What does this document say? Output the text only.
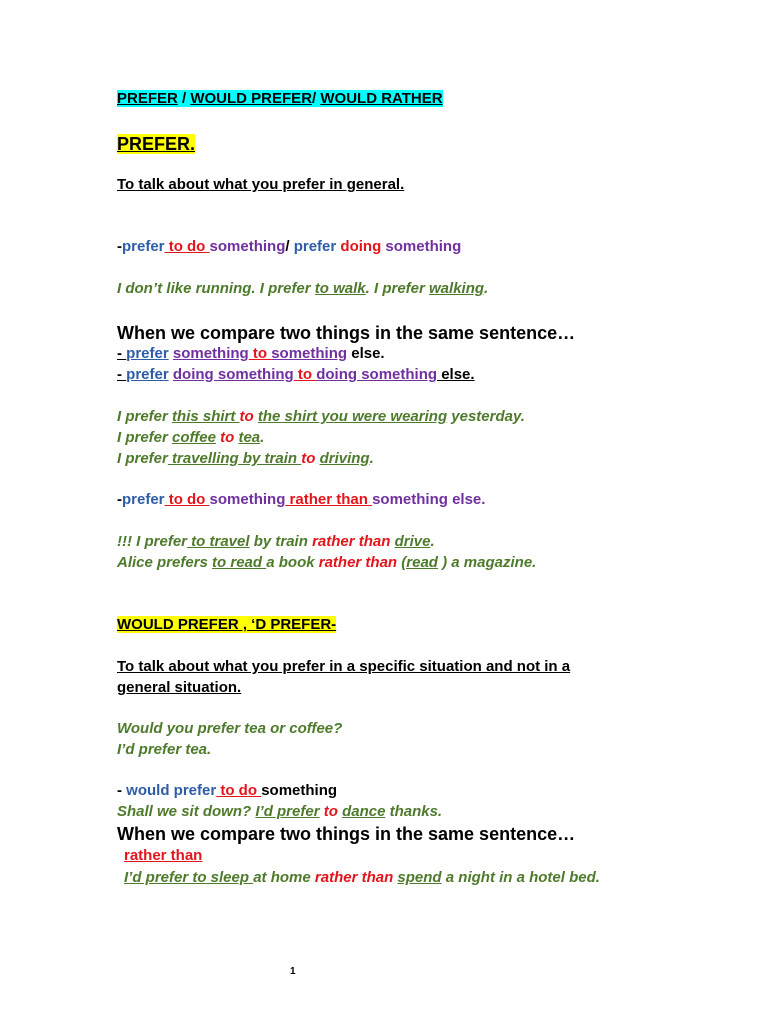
PREFER / WOULD PREFER/ WOULD RATHER
PREFER.
To talk about what you prefer in general.
-prefer to do something/ prefer doing something
I don’t like running. I prefer to walk. I prefer walking.
When we compare two things in the same sentence…
- prefer something to something else.
- prefer doing something to doing something else.
I prefer this shirt to the shirt you were wearing yesterday.
I prefer coffee to tea.
I prefer travelling by train to driving.
-prefer to do something rather than something else.
!!! I prefer to travel by train rather than drive.
Alice prefers to read a book rather than (read ) a magazine.
WOULD PREFER , ‘D PREFER-
To talk about what you prefer in a specific situation and not in a
general situation.
Would you prefer tea or coffee?
I’d prefer tea.
- would prefer to do something
Shall we sit down? I’d prefer to dance thanks.
When we compare two things in the same sentence…
rather than
I’d prefer to sleep at home rather than spend a night in a hotel bed.
1
